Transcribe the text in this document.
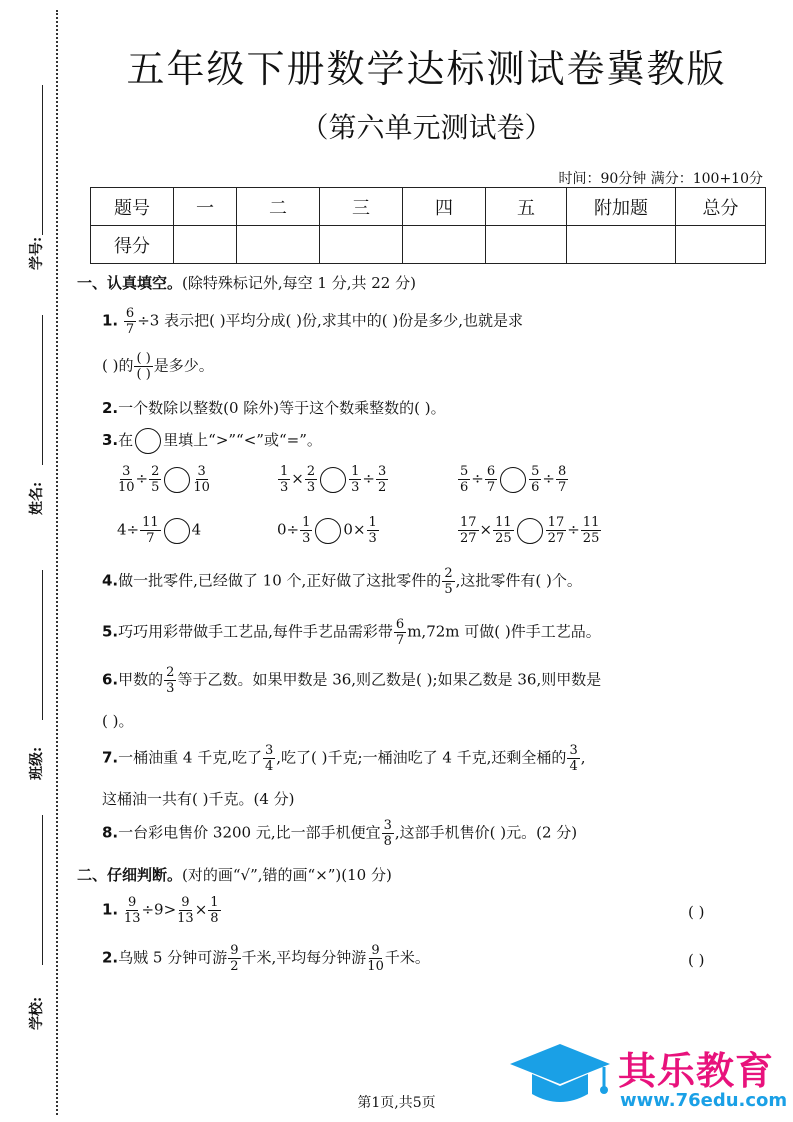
学号:
姓名:
班级:
学校:
五年级下册数学达标测试卷冀教版
（第六单元测试卷）
时间：90分钟 满分：100+10分
题号	一	二	三	四	五	附加题	总分
得分							
一、认真填空。(除特殊标记外,每空 1 分,共 22 分)
1. $\frac{6}{7} \div 3$ 表示把( )平均分成( )份,求其中的( )份是多少,也就是求
( )的 ( )
( ) 是多少。
2.一个数除以整数(0 除外)等于这个数乘整数的( )。
3.在 里填上“>”“<”或“=”。
$\frac{3}{10} \div \frac{2}{5} \frac{3}{10}$	$\frac{1}{3} \times \frac{2}{3} \frac{1}{3} \div \frac{3}{2}$	$\frac{5}{6} \div \frac{6}{7} \frac{5}{6} \div \frac{8}{7}$
$4\div \frac{11}{7} 4$	$0\div \frac{1}{3} 0\times \frac{1}{3}$	$\frac{17}{27} \times \frac{11}{25} \frac{17}{27} \div \frac{11}{25}$
4.做一批零件,已经做了 10 个,正好做了这批零件的 $\frac{2}{5}$ ,这批零件有( )个。
5.巧巧用彩带做手工艺品,每件手艺品需彩带 $\frac{6}{7} m,72m$ 可做( )件手工艺品。
6.甲数的 $\frac{2}{3}$ 等于乙数。如果甲数是 36,则乙数是( );如果乙数是 36,则甲数是
( )。
7.一桶油重 4 千克,吃了 $\frac{3}{4}$ ,吃了( )千克;一桶油吃了 4 千克,还剩全桶的 $\frac{3}{4}$ ,
这桶油一共有( )千克。(4 分)
8.一台彩电售价 3200 元,比一部手机便宜 $\frac{3}{8}$ ,这部手机售价( )元。(2 分)
二、仔细判断。(对的画“√”,错的画“×”)(10 分)
1. $\frac{9}{13} \div 9> \frac{9}{13} \times \frac{1}{8}$	( )
2.乌贼 5 分钟可游 $\frac{9}{2}$ 千米,平均每分钟游 $\frac{9}{10}$ 千米。	( )
第1页,共5页
其乐教育
www.76edu.com
